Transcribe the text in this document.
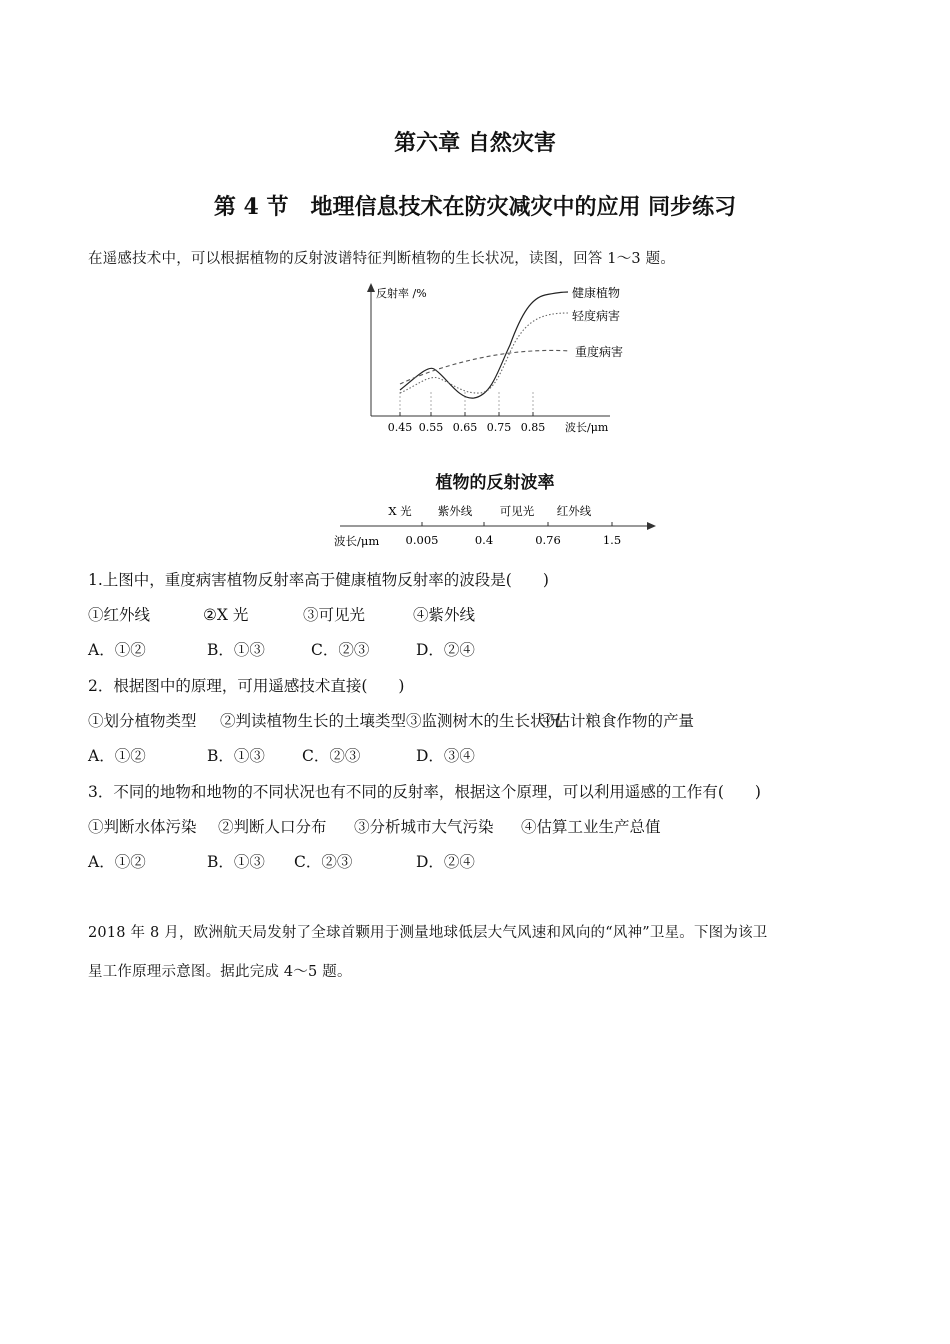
第六章 自然灾害
第 4 节　地理信息技术在防灾减灾中的应用 同步练习
在遥感技术中，可以根据植物的反射波谱特征判断植物的生长状况，读图，回答 1～3 题。
反射率 /%
0.45 0.55 0.65 0.75 0.85 波长/μm
健康植物
轻度病害
重度病害
植物的反射波率
X 光 紫外线 可见光 红外线
波长/μm 0.005	0.4	0.76	1.5
1.上图中，重度病害植物反射率高于健康植物反射率的波段是(　　)
①红外线	②X 光	③可见光	④紫外线
A．①②	B．①③	C．②③	D．②④
2．根据图中的原理，可用遥感技术直接(　　)
①划分植物类型 ②判读植物生长的土壤类型③监测树木的生长状况④估计粮食作物的产量
A．①②	B．①③ C．②③	D．③④
3．不同的地物和地物的不同状况也有不同的反射率，根据这个原理，可以利用遥感的工作有(　　)
①判断水体污染 ②判断人口分布 ③分析城市大气污染 ④估算工业生产总值
A．①②	B．①③ C．②③	D．②④
2018 年 8 月，欧洲航天局发射了全球首颗用于测量地球低层大气风速和风向的“风神”卫星。下图为该卫
星工作原理示意图。据此完成 4～5 题。
